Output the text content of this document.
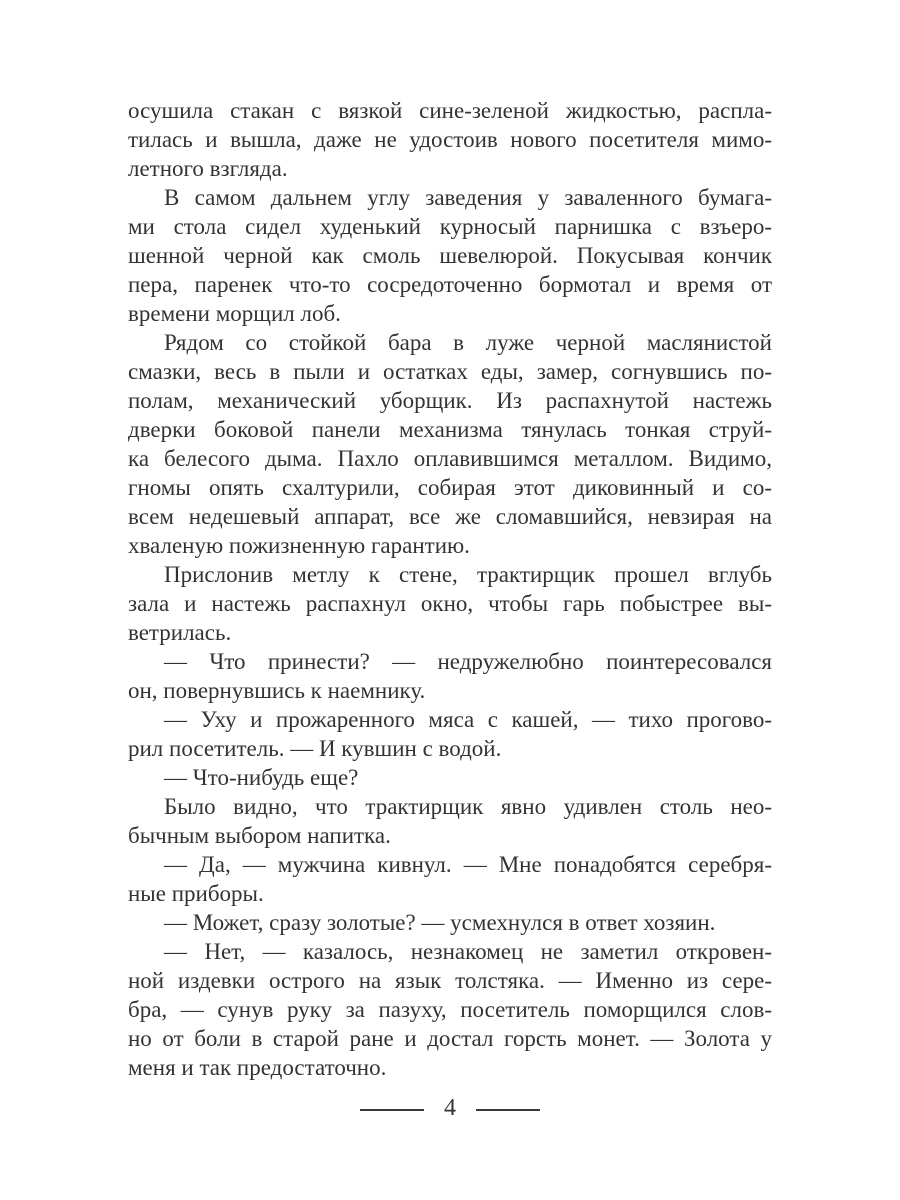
осушила стакан с вязкой сине-зеленой жидкостью, распла-
тилась и вышла, даже не удостоив нового посетителя мимо-
летного взгляда.
В самом дальнем углу заведения у заваленного бумага-
ми стола сидел худенький курносый парнишка с взъеро-
шенной черной как смоль шевелюрой. Покусывая кончик
пера, паренек что-то сосредоточенно бормотал и время от
времени морщил лоб.
Рядом со стойкой бара в луже черной маслянистой
смазки, весь в пыли и остатках еды, замер, согнувшись по-
полам, механический уборщик. Из распахнутой настежь
дверки боковой панели механизма тянулась тонкая струй-
ка белесого дыма. Пахло оплавившимся металлом. Видимо,
гномы опять схалтурили, собирая этот диковинный и со-
всем недешевый аппарат, все же сломавшийся, невзирая на
хваленую пожизненную гарантию.
Прислонив метлу к стене, трактирщик прошел вглубь
зала и настежь распахнул окно, чтобы гарь побыстрее вы-
ветрилась.
— Что принести? — недружелюбно поинтересовался
он, повернувшись к наемнику.
— Уху и прожаренного мяса с кашей, — тихо прогово-
рил посетитель. — И кувшин с водой.
— Что-нибудь еще?
Было видно, что трактирщик явно удивлен столь нео-
бычным выбором напитка.
— Да, — мужчина кивнул. — Мне понадобятся серебря-
ные приборы.
— Может, сразу золотые? — усмехнулся в ответ хозяин.
— Нет, — казалось, незнакомец не заметил откровен-
ной издевки острого на язык толстяка. — Именно из сере-
бра, — сунув руку за пазуху, посетитель поморщился слов-
но от боли в старой ране и достал горсть монет. — Золота у
меня и так предостаточно.
4
